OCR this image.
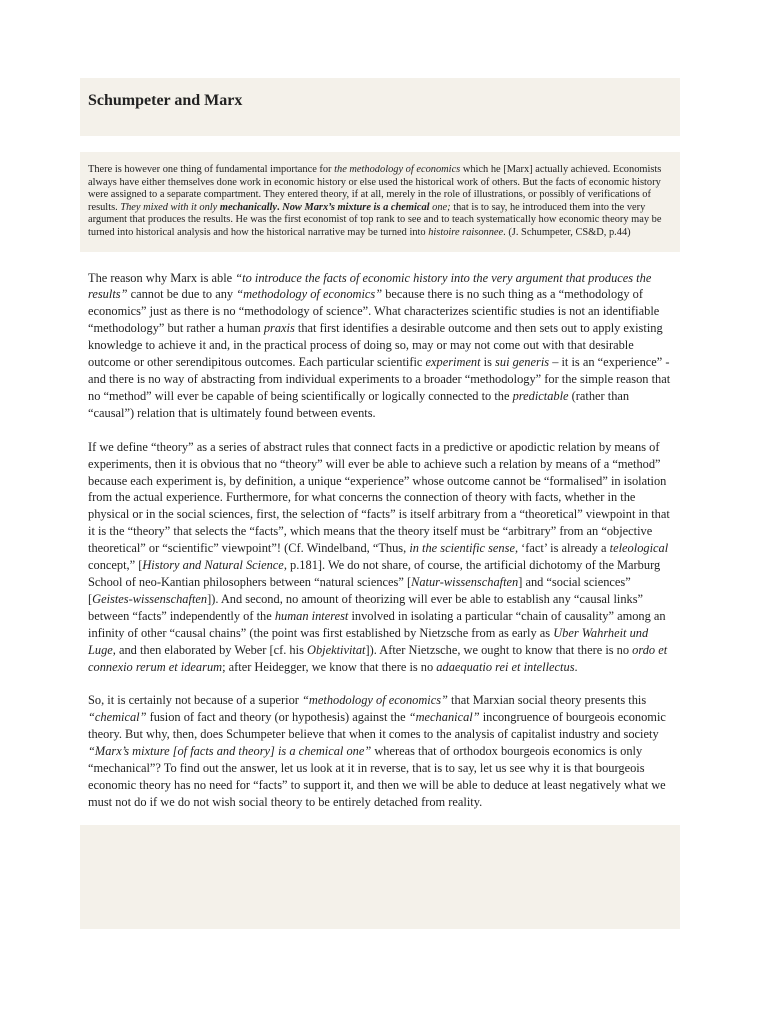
Schumpeter and Marx
There is however one thing of fundamental importance for the methodology of economics which he [Marx] actually achieved. Economists always have either themselves done work in economic history or else used the historical work of others. But the facts of economic history were assigned to a separate compartment. They entered theory, if at all, merely in the role of illustrations, or possibly of verifications of results. They mixed with it only mechanically. Now Marx’s mixture is a chemical one; that is to say, he introduced them into the very argument that produces the results. He was the first economist of top rank to see and to teach systematically how economic theory may be turned into historical analysis and how the historical narrative may be turned into histoire raisonnee. (J. Schumpeter, CS&D, p.44)

The reason why Marx is able “to introduce the facts of economic history into the very argument that produces the results” cannot be due to any “methodology of economics” because there is no such thing as a “methodology of economics” just as there is no “methodology of science”. What characterizes scientific studies is not an identifiable “methodology” but rather a human praxis that first identifies a desirable outcome and then sets out to apply existing knowledge to achieve it and, in the practical process of doing so, may or may not come out with that desirable outcome or other serendipitous outcomes. Each particular scientific experiment is sui generis – it is an “experience” - and there is no way of abstracting from individual experiments to a broader “methodology” for the simple reason that no “method” will ever be capable of being scientifically or logically connected to the predictable (rather than “causal”) relation that is ultimately found between events.

If we define “theory” as a series of abstract rules that connect facts in a predictive or apodictic relation by means of experiments, then it is obvious that no “theory” will ever be able to achieve such a relation by means of a “method” because each experiment is, by definition, a unique “experience” whose outcome cannot be “formalised” in isolation from the actual experience. Furthermore, for what concerns the connection of theory with facts, whether in the physical or in the social sciences, first, the selection of “facts” is itself arbitrary from a “theoretical” viewpoint in that it is the “theory” that selects the “facts”, which means that the theory itself must be “arbitrary” from an “objective theoretical” or “scientific” viewpoint”! (Cf. Windelband, “Thus, in the scientific sense, ‘fact’ is already a teleological concept,” [History and Natural Science, p.181]. We do not share, of course, the artificial dichotomy of the Marburg School of neo-Kantian philosophers between “natural sciences” [Natur-wissenschaften] and “social sciences” [Geistes-wissenschaften]). And second, no amount of theorizing will ever be able to establish any “causal links” between “facts” independently of the human interest involved in isolating a particular “chain of causality” among an infinity of other “causal chains” (the point was first established by Nietzsche from as early as Uber Wahrheit und Luge, and then elaborated by Weber [cf. his Objektivitat]). After Nietzsche, we ought to know that there is no ordo et connexio rerum et idearum; after Heidegger, we know that there is no adaequatio rei et intellectus.

So, it is certainly not because of a superior “methodology of economics” that Marxian social theory presents this “chemical” fusion of fact and theory (or hypothesis) against the “mechanical” incongruence of bourgeois economic theory. But why, then, does Schumpeter believe that when it comes to the analysis of capitalist industry and society “Marx’s mixture [of facts and theory] is a chemical one” whereas that of orthodox bourgeois economics is only “mechanical”? To find out the answer, let us look at it in reverse, that is to say, let us see why it is that bourgeois economic theory has no need for “facts” to support it, and then we will be able to deduce at least negatively what we must not do if we do not wish social theory to be entirely detached from reality.
